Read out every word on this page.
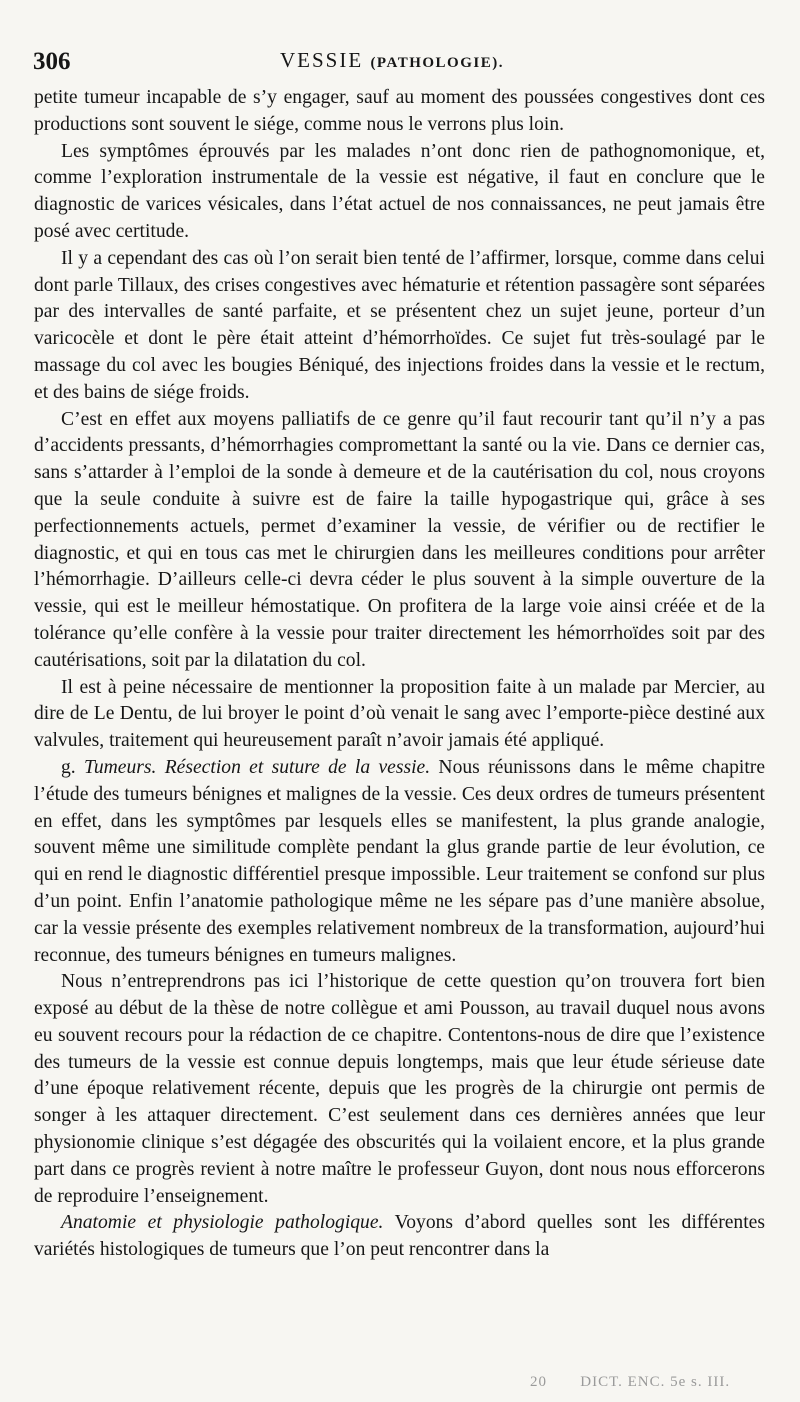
306	VESSIE (PATHOLOGIE).

petite tumeur incapable de s’y engager, sauf au moment des poussées congestives dont ces productions sont souvent le siége, comme nous le verrons plus loin.

Les symptômes éprouvés par les malades n’ont donc rien de pathognomonique, et, comme l’exploration instrumentale de la vessie est négative, il faut en conclure que le diagnostic de varices vésicales, dans l’état actuel de nos connaissances, ne peut jamais être posé avec certitude.

Il y a cependant des cas où l’on serait bien tenté de l’affirmer, lorsque, comme dans celui dont parle Tillaux, des crises congestives avec hématurie et rétention passagère sont séparées par des intervalles de santé parfaite, et se présentent chez un sujet jeune, porteur d’un varicocèle et dont le père était atteint d’hémorrhoïdes. Ce sujet fut très-soulagé par le massage du col avec les bougies Béniqué, des injections froides dans la vessie et le rectum, et des bains de siége froids.

C’est en effet aux moyens palliatifs de ce genre qu’il faut recourir tant qu’il n’y a pas d’accidents pressants, d’hémorrhagies compromettant la santé ou la vie. Dans ce dernier cas, sans s’attarder à l’emploi de la sonde à demeure et de la cautérisation du col, nous croyons que la seule conduite à suivre est de faire la taille hypogastrique qui, grâce à ses perfectionnements actuels, permet d’examiner la vessie, de vérifier ou de rectifier le diagnostic, et qui en tous cas met le chirurgien dans les meilleures conditions pour arrêter l’hémorrhagie. D’ailleurs celle-ci devra céder le plus souvent à la simple ouverture de la vessie, qui est le meilleur hémostatique. On profitera de la large voie ainsi créée et de la tolérance qu’elle confère à la vessie pour traiter directement les hémorrhoïdes soit par des cautérisations, soit par la dilatation du col.

Il est à peine nécessaire de mentionner la proposition faite à un malade par Mercier, au dire de Le Dentu, de lui broyer le point d’où venait le sang avec l’emporte-pièce destiné aux valvules, traitement qui heureusement paraît n’avoir jamais été appliqué.

g. Tumeurs. Résection et suture de la vessie. Nous réunissons dans le même chapitre l’étude des tumeurs bénignes et malignes de la vessie. Ces deux ordres de tumeurs présentent en effet, dans les symptômes par lesquels elles se manifestent, la plus grande analogie, souvent même une similitude complète pendant la glus grande partie de leur évolution, ce qui en rend le diagnostic différentiel presque impossible. Leur traitement se confond sur plus d’un point. Enfin l’anatomie pathologique même ne les sépare pas d’une manière absolue, car la vessie présente des exemples relativement nombreux de la transformation, aujourd’hui reconnue, des tumeurs bénignes en tumeurs malignes.

Nous n’entreprendrons pas ici l’historique de cette question qu’on trouvera fort bien exposé au début de la thèse de notre collègue et ami Pousson, au travail duquel nous avons eu souvent recours pour la rédaction de ce chapitre. Contentons-nous de dire que l’existence des tumeurs de la vessie est connue depuis longtemps, mais que leur étude sérieuse date d’une époque relativement récente, depuis que les progrès de la chirurgie ont permis de songer à les attaquer directement. C’est seulement dans ces dernières années que leur physionomie clinique s’est dégagée des obscurités qui la voilaient encore, et la plus grande part dans ce progrès revient à notre maître le professeur Guyon, dont nous nous efforcerons de reproduire l’enseignement.

Anatomie et physiologie pathologique. Voyons d’abord quelles sont les différentes variétés histologiques de tumeurs que l’on peut rencontrer dans la

20 DICT. ENC. 5e s. III.
